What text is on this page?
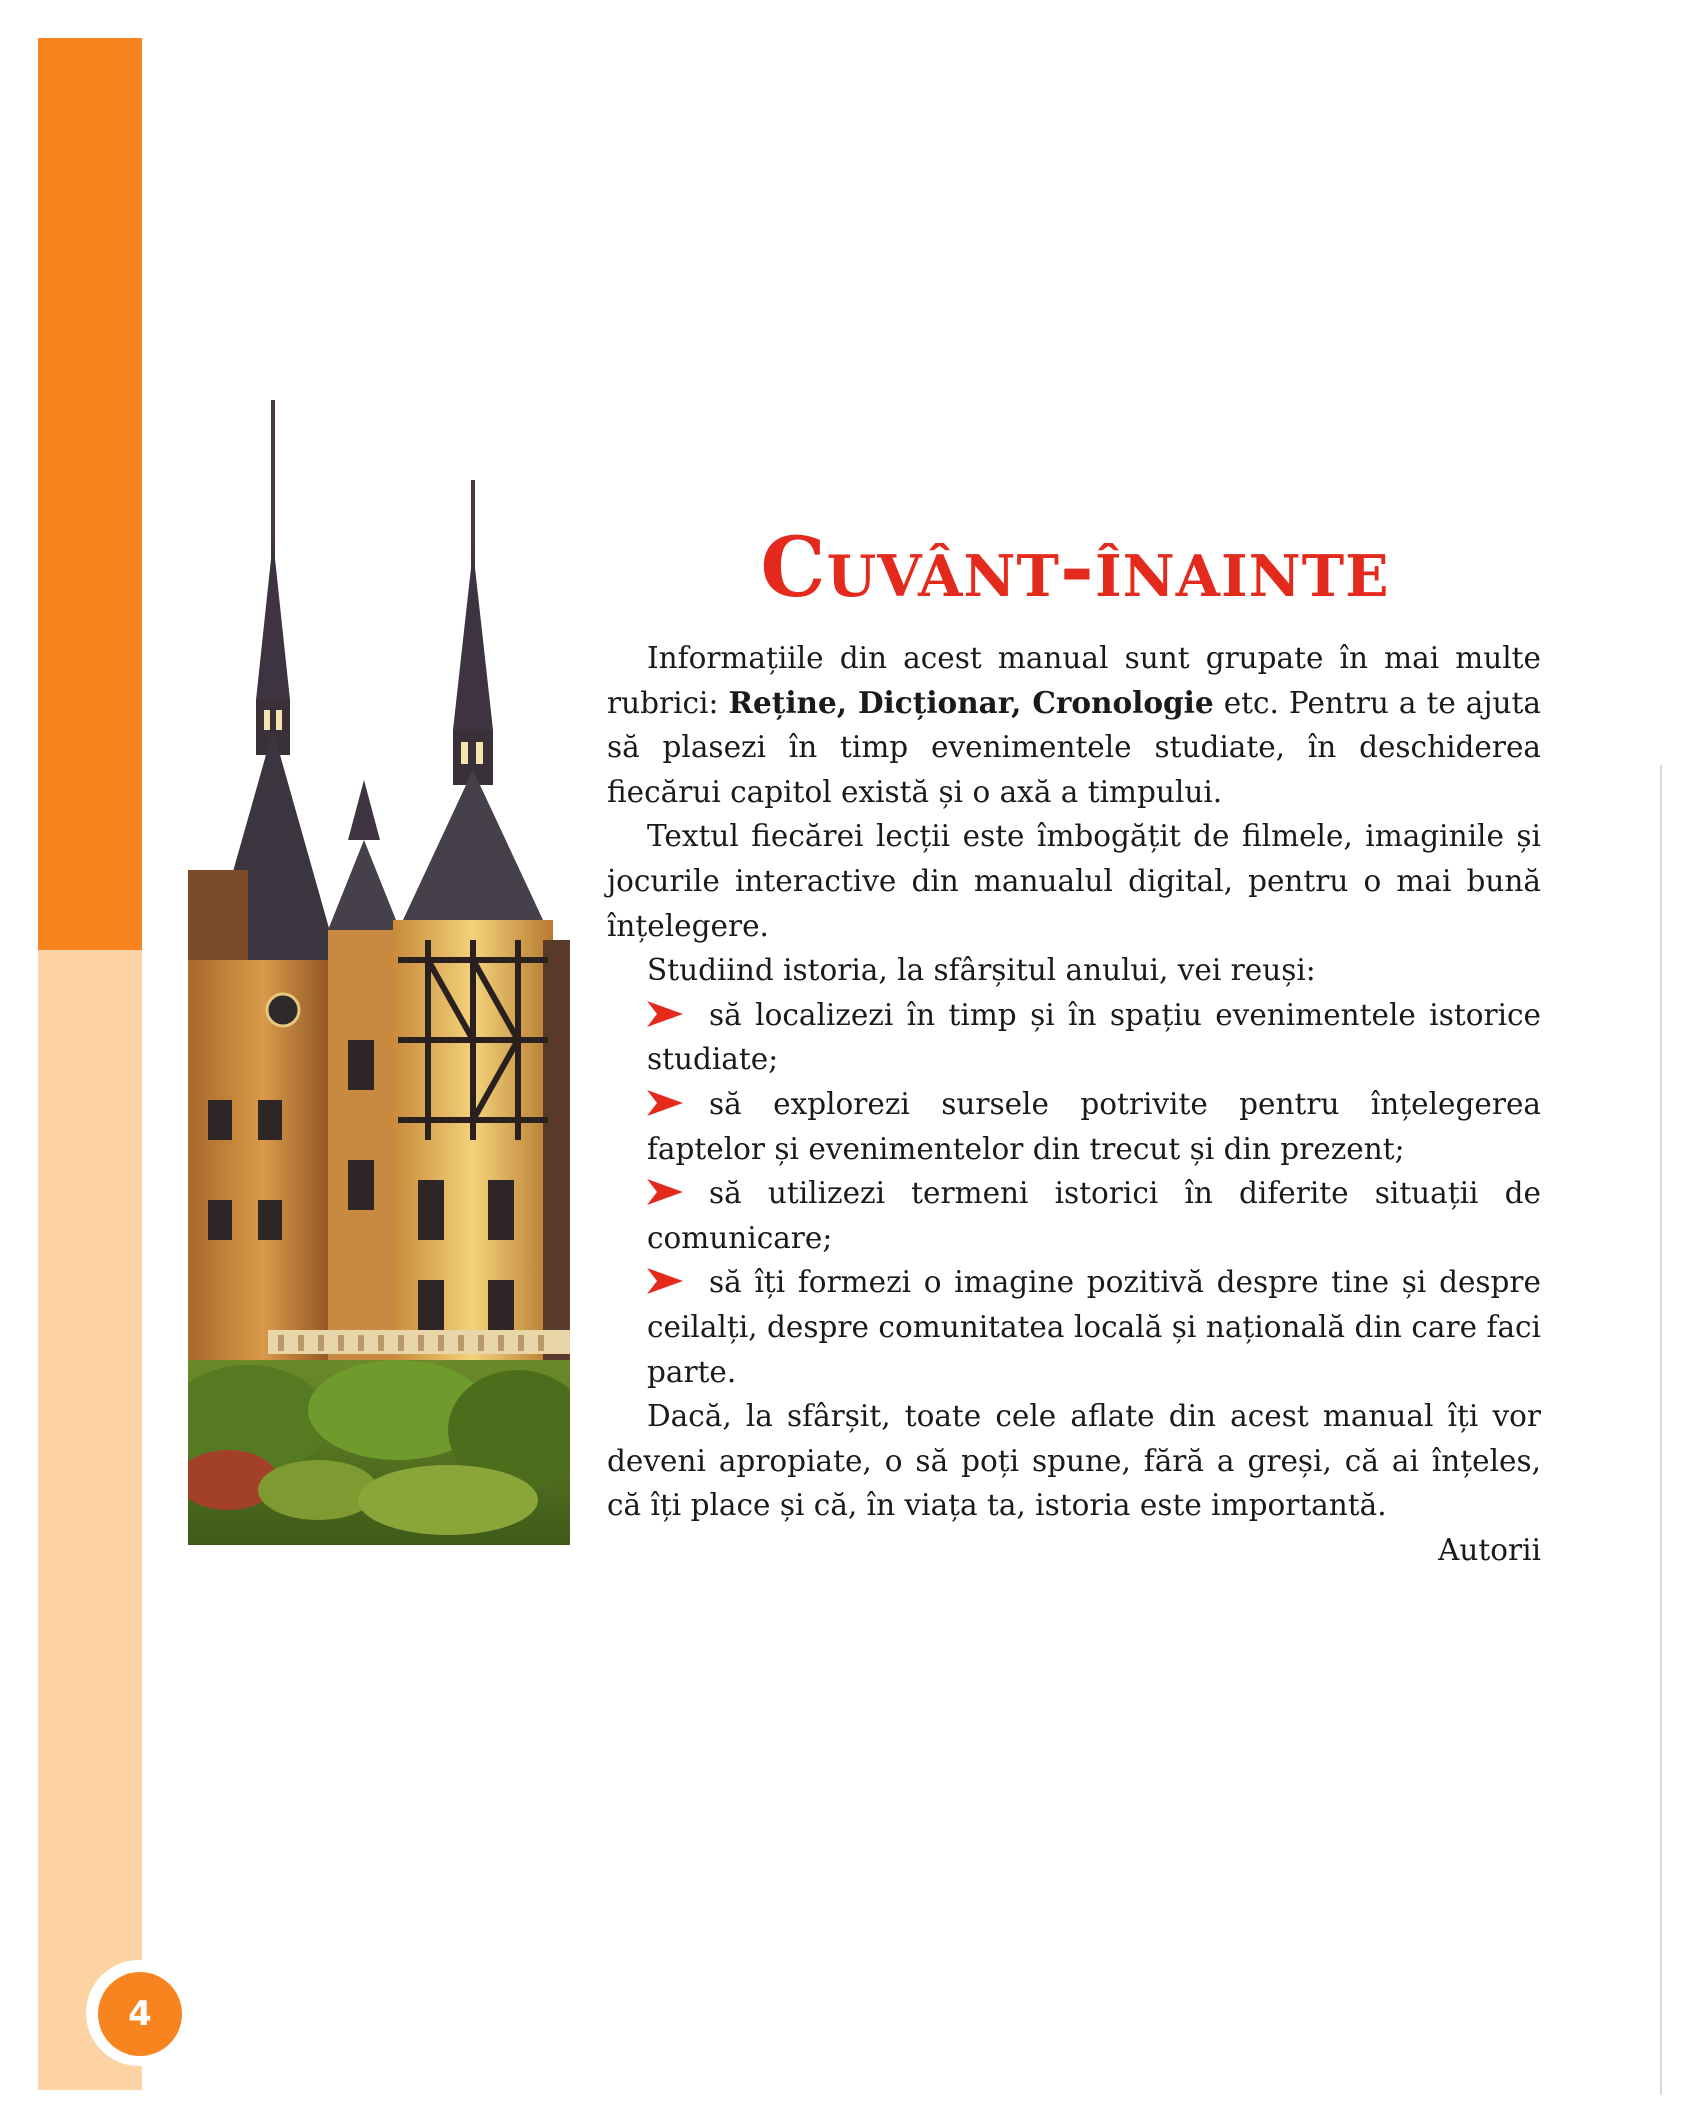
Cuvânt-înainte

Informațiile din acest manual sunt grupate în mai multe rubrici: Reține, Dicționar, Cronologie etc. Pentru a te ajuta să plasezi în timp evenimentele studiate, în deschiderea fiecărui capitol există și o axă a timpului.

Textul fiecărei lecții este îmbogățit de filmele, imaginile și jocurile interactive din manualul digital, pentru o mai bună înțelegere.

Studiind istoria, la sfârșitul anului, vei reuși:

să localizezi în timp și în spațiu evenimentele istorice studiate;
să explorezi sursele potrivite pentru înțelegerea faptelor și evenimentelor din trecut și din prezent;
să utilizezi termeni istorici în diferite situații de comunicare;
să îți formezi o imagine pozitivă despre tine și despre ceilalți, despre comunitatea locală și națională din care faci parte.

Dacă, la sfârșit, toate cele aflate din acest manual îți vor deveni apropiate, o să poți spune, fără a greși, că ai înțeles, că îți place și că, în viața ta, istoria este importantă.

Autorii

4
